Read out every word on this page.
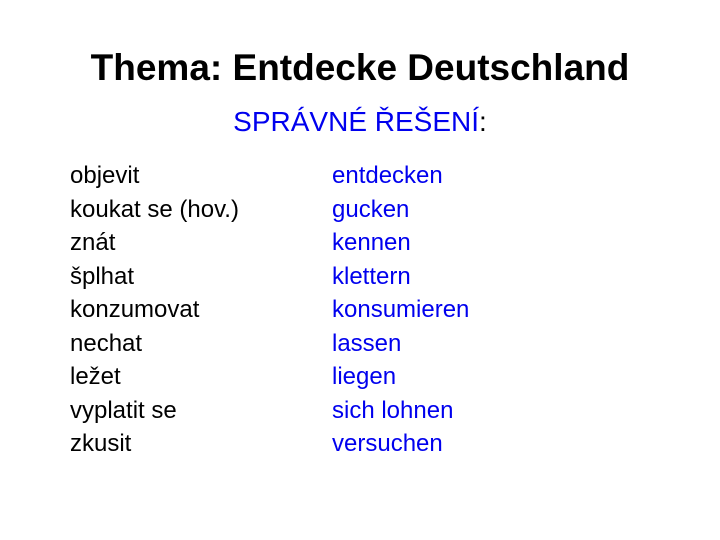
Thema: Entdecke Deutschland
SPRÁVNÉ ŘEŠENÍ:
objevit
koukat se (hov.)
znát
šplhat
konzumovat
nechat
ležet
vyplatit se
zkusit
entdecken
gucken
kennen
klettern
konsumieren
lassen
liegen
sich lohnen
versuchen
